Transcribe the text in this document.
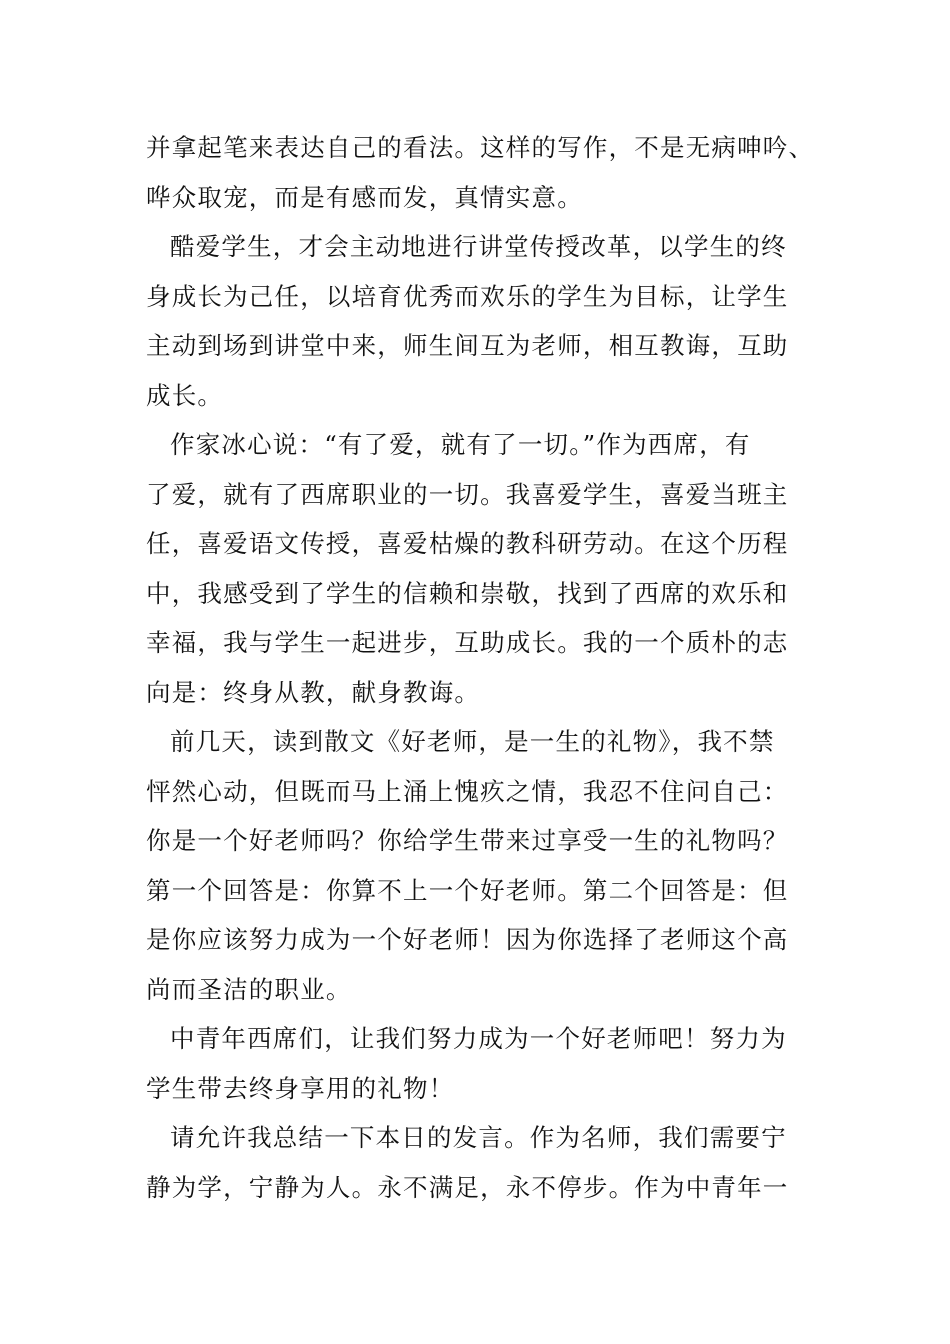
并拿起笔来表达自己的看法。这样的写作，不是无病呻吟、
哗众取宠，而是有感而发，真情实意。
酷爱学生，才会主动地进行讲堂传授改革，以学生的终
身成长为己任，以培育优秀而欢乐的学生为目标，让学生
主动到场到讲堂中来，师生间互为老师，相互教诲，互助
成长。
作家冰心说：“有了爱，就有了一切。”作为西席，有
了爱，就有了西席职业的一切。我喜爱学生，喜爱当班主
任，喜爱语文传授，喜爱枯燥的教科研劳动。在这个历程
中，我感受到了学生的信赖和崇敬，找到了西席的欢乐和
幸福，我与学生一起进步，互助成长。我的一个质朴的志
向是：终身从教，献身教诲。
前几天，读到散文《好老师，是一生的礼物》，我不禁
怦然心动，但既而马上涌上愧疚之情，我忍不住问自己：
你是一个好老师吗？你给学生带来过享受一生的礼物吗？
第一个回答是：你算不上一个好老师。第二个回答是：但
是你应该努力成为一个好老师！因为你选择了老师这个高
尚而圣洁的职业。
中青年西席们，让我们努力成为一个好老师吧！努力为
学生带去终身享用的礼物！
请允许我总结一下本日的发言。作为名师，我们需要宁
静为学，宁静为人。永不满足，永不停步。作为中青年一
